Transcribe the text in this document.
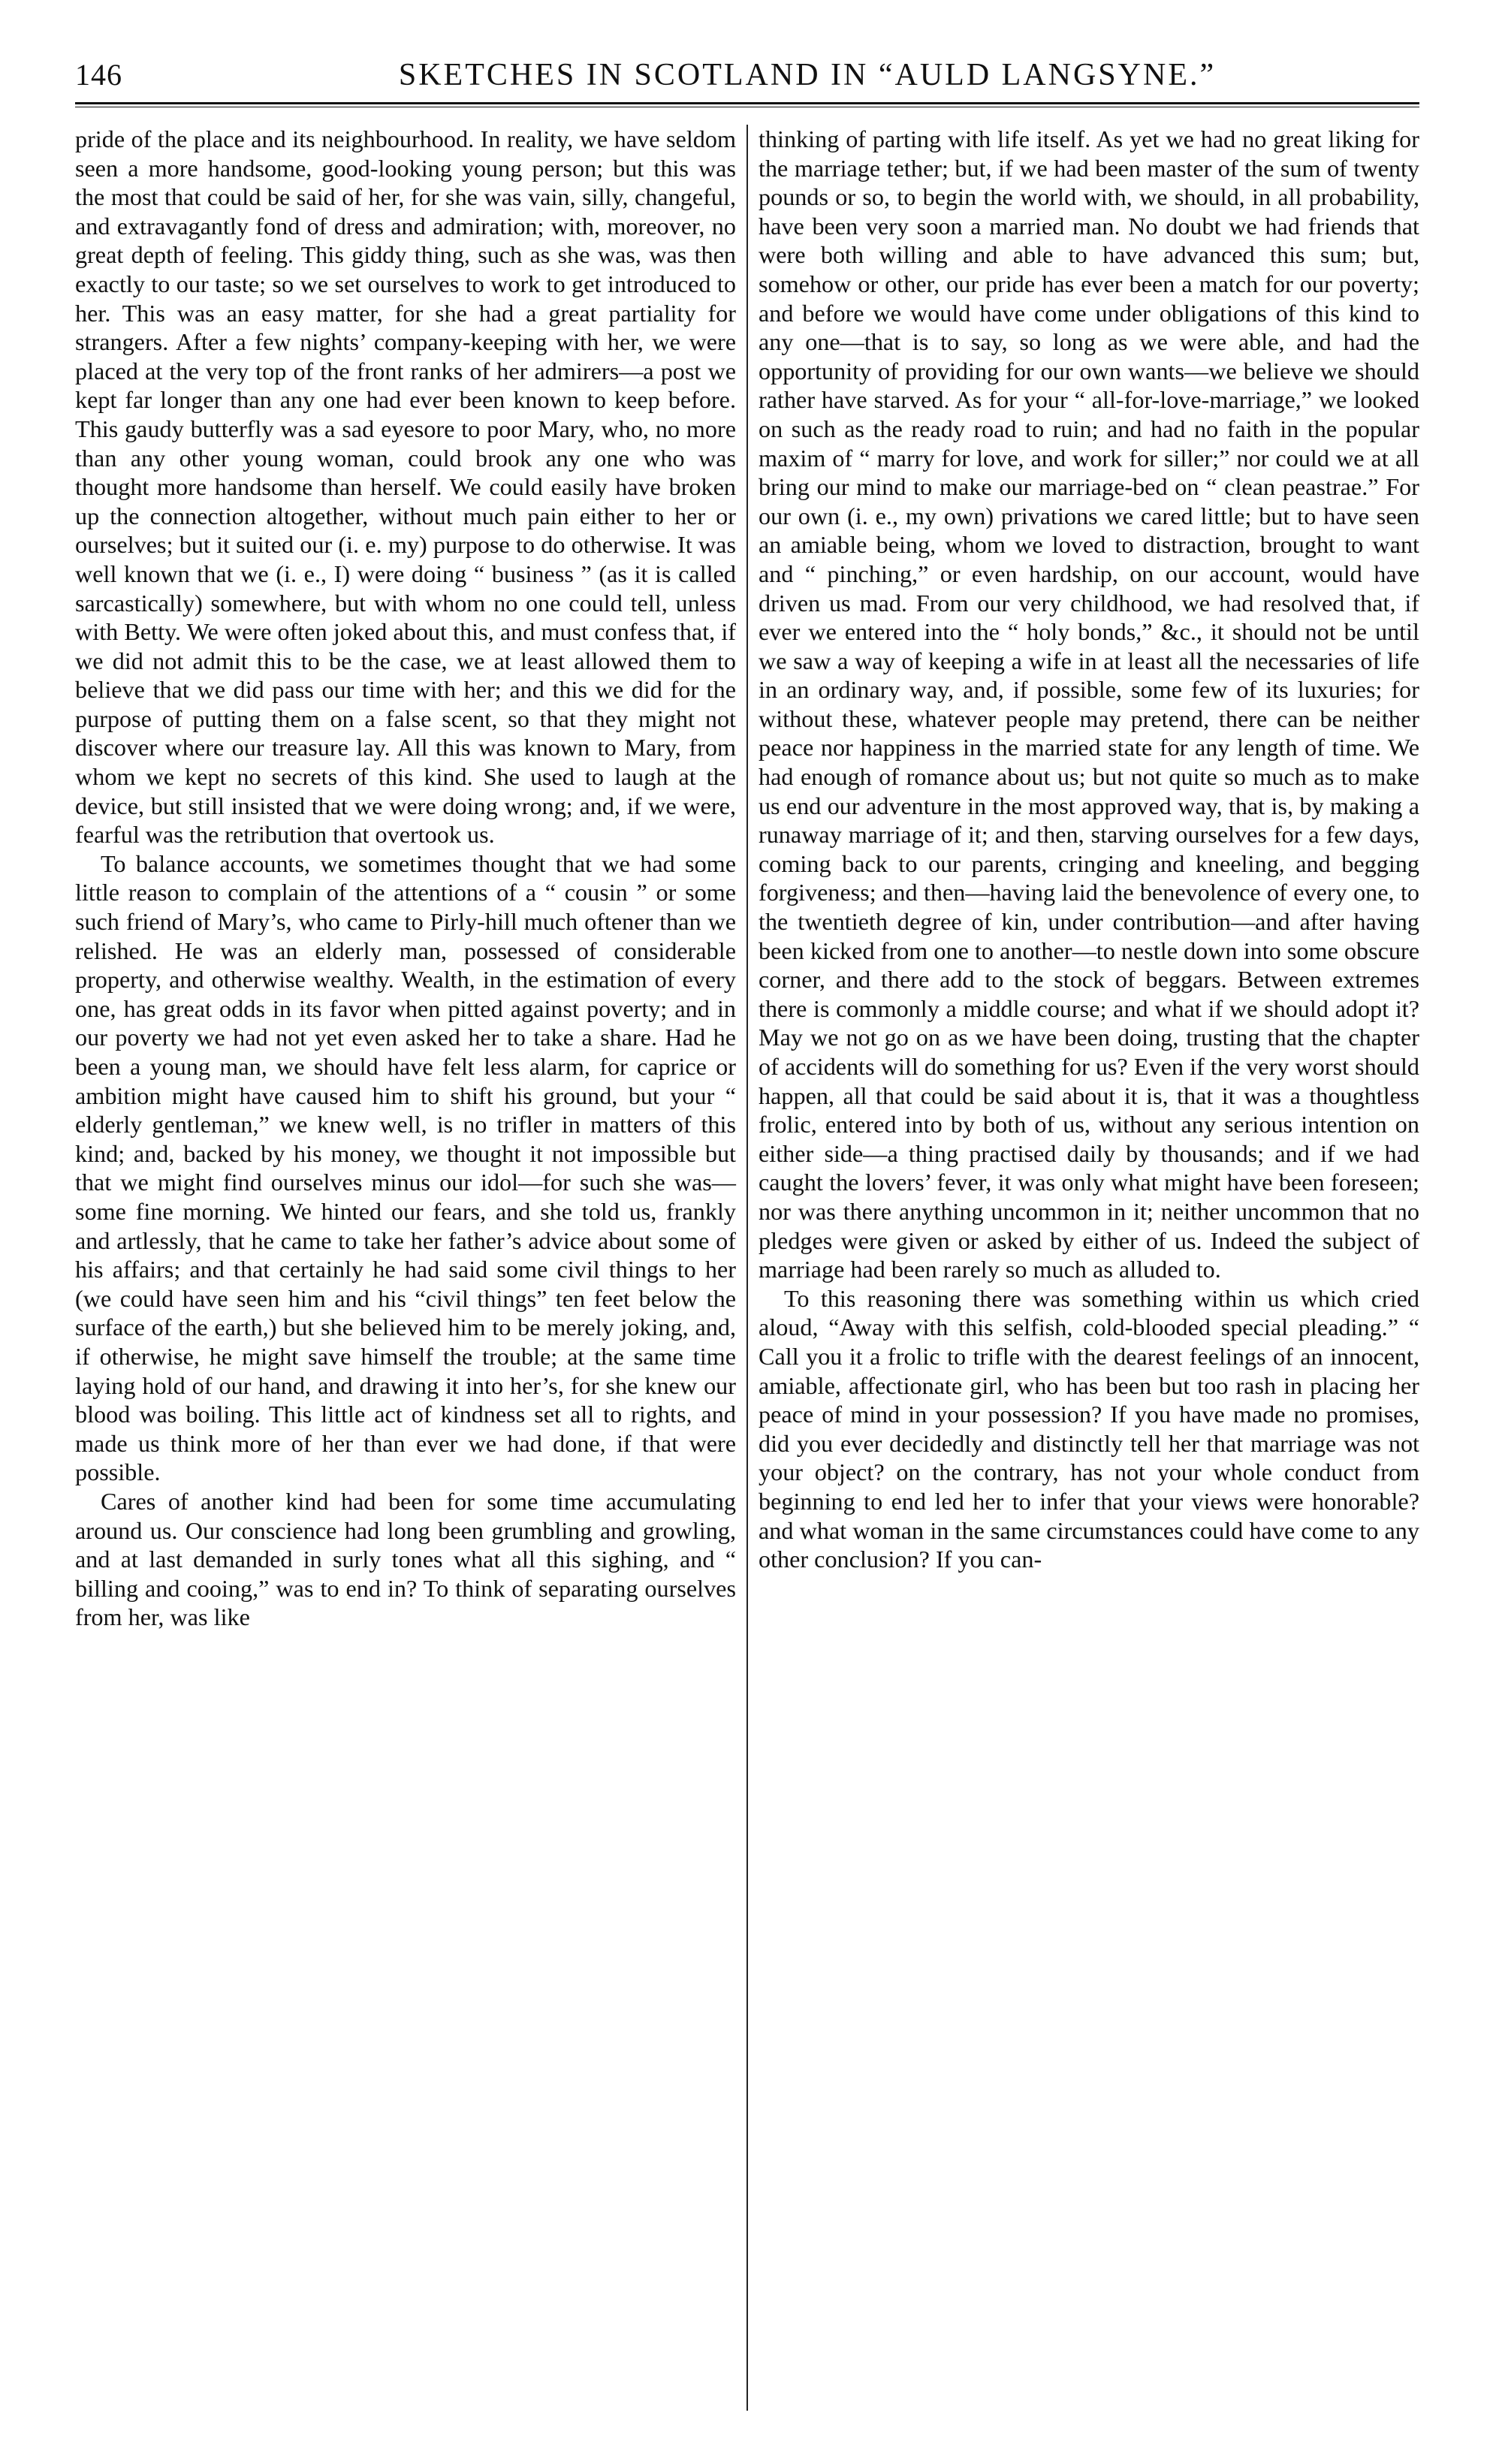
146	SKETCHES IN SCOTLAND IN “AULD LANGSYNE.”

pride of the place and its neighbourhood. In reality, we have seldom seen a more handsome, good-looking young person; but this was the most that could be said of her, for she was vain, silly, changeful, and extravagantly fond of dress and admiration; with, moreover, no great depth of feeling. This giddy thing, such as she was, was then exactly to our taste; so we set ourselves to work to get introduced to her. This was an easy matter, for she had a great partiality for strangers. After a few nights’ company-keeping with her, we were placed at the very top of the front ranks of her admirers—a post we kept far longer than any one had ever been known to keep before. This gaudy butterfly was a sad eyesore to poor Mary, who, no more than any other young woman, could brook any one who was thought more handsome than herself. We could easily have broken up the connection altogether, without much pain either to her or ourselves; but it suited our (i. e. my) purpose to do otherwise. It was well known that we (i. e., I) were doing “ business ” (as it is called sarcastically) somewhere, but with whom no one could tell, unless with Betty. We were often joked about this, and must confess that, if we did not admit this to be the case, we at least allowed them to believe that we did pass our time with her; and this we did for the purpose of putting them on a false scent, so that they might not discover where our treasure lay. All this was known to Mary, from whom we kept no secrets of this kind. She used to laugh at the device, but still insisted that we were doing wrong; and, if we were, fearful was the retribution that overtook us.

To balance accounts, we sometimes thought that we had some little reason to complain of the attentions of a “ cousin ” or some such friend of Mary’s, who came to Pirly-hill much oftener than we relished. He was an elderly man, possessed of considerable property, and otherwise wealthy. Wealth, in the estimation of every one, has great odds in its favor when pitted against poverty; and in our poverty we had not yet even asked her to take a share. Had he been a young man, we should have felt less alarm, for caprice or ambition might have caused him to shift his ground, but your “ elderly gentleman,” we knew well, is no trifler in matters of this kind; and, backed by his money, we thought it not impossible but that we might find ourselves minus our idol—for such she was—some fine morning. We hinted our fears, and she told us, frankly and artlessly, that he came to take her father’s advice about some of his affairs; and that certainly he had said some civil things to her (we could have seen him and his “civil things” ten feet below the surface of the earth,) but she believed him to be merely joking, and, if otherwise, he might save himself the trouble; at the same time laying hold of our hand, and drawing it into her’s, for she knew our blood was boiling. This little act of kindness set all to rights, and made us think more of her than ever we had done, if that were possible.

Cares of another kind had been for some time accumulating around us. Our conscience had long been grumbling and growling, and at last demanded in surly tones what all this sighing, and “ billing and cooing,” was to end in? To think of separating ourselves from her, was like

thinking of parting with life itself. As yet we had no great liking for the marriage tether; but, if we had been master of the sum of twenty pounds or so, to begin the world with, we should, in all probability, have been very soon a married man. No doubt we had friends that were both willing and able to have advanced this sum; but, somehow or other, our pride has ever been a match for our poverty; and before we would have come under obligations of this kind to any one—that is to say, so long as we were able, and had the opportunity of providing for our own wants—we believe we should rather have starved. As for your “ all-for-love-marriage,” we looked on such as the ready road to ruin; and had no faith in the popular maxim of “ marry for love, and work for siller;” nor could we at all bring our mind to make our marriage-bed on “ clean peastrae.” For our own (i. e., my own) privations we cared little; but to have seen an amiable being, whom we loved to distraction, brought to want and “ pinching,” or even hardship, on our account, would have driven us mad. From our very childhood, we had resolved that, if ever we entered into the “ holy bonds,” &c., it should not be until we saw a way of keeping a wife in at least all the necessaries of life in an ordinary way, and, if possible, some few of its luxuries; for without these, whatever people may pretend, there can be neither peace nor happiness in the married state for any length of time. We had enough of romance about us; but not quite so much as to make us end our adventure in the most approved way, that is, by making a runaway marriage of it; and then, starving ourselves for a few days, coming back to our parents, cringing and kneeling, and begging forgiveness; and then—having laid the benevolence of every one, to the twentieth degree of kin, under contribution—and after having been kicked from one to another—to nestle down into some obscure corner, and there add to the stock of beggars. Between extremes there is commonly a middle course; and what if we should adopt it? May we not go on as we have been doing, trusting that the chapter of accidents will do something for us? Even if the very worst should happen, all that could be said about it is, that it was a thoughtless frolic, entered into by both of us, without any serious intention on either side—a thing practised daily by thousands; and if we had caught the lovers’ fever, it was only what might have been foreseen; nor was there anything uncommon in it; neither uncommon that no pledges were given or asked by either of us. Indeed the subject of marriage had been rarely so much as alluded to.

To this reasoning there was something within us which cried aloud, “Away with this selfish, cold-blooded special pleading.” “ Call you it a frolic to trifle with the dearest feelings of an innocent, amiable, affectionate girl, who has been but too rash in placing her peace of mind in your possession? If you have made no promises, did you ever decidedly and distinctly tell her that marriage was not your object? on the contrary, has not your whole conduct from beginning to end led her to infer that your views were honorable? and what woman in the same circumstances could have come to any other conclusion? If you can-
